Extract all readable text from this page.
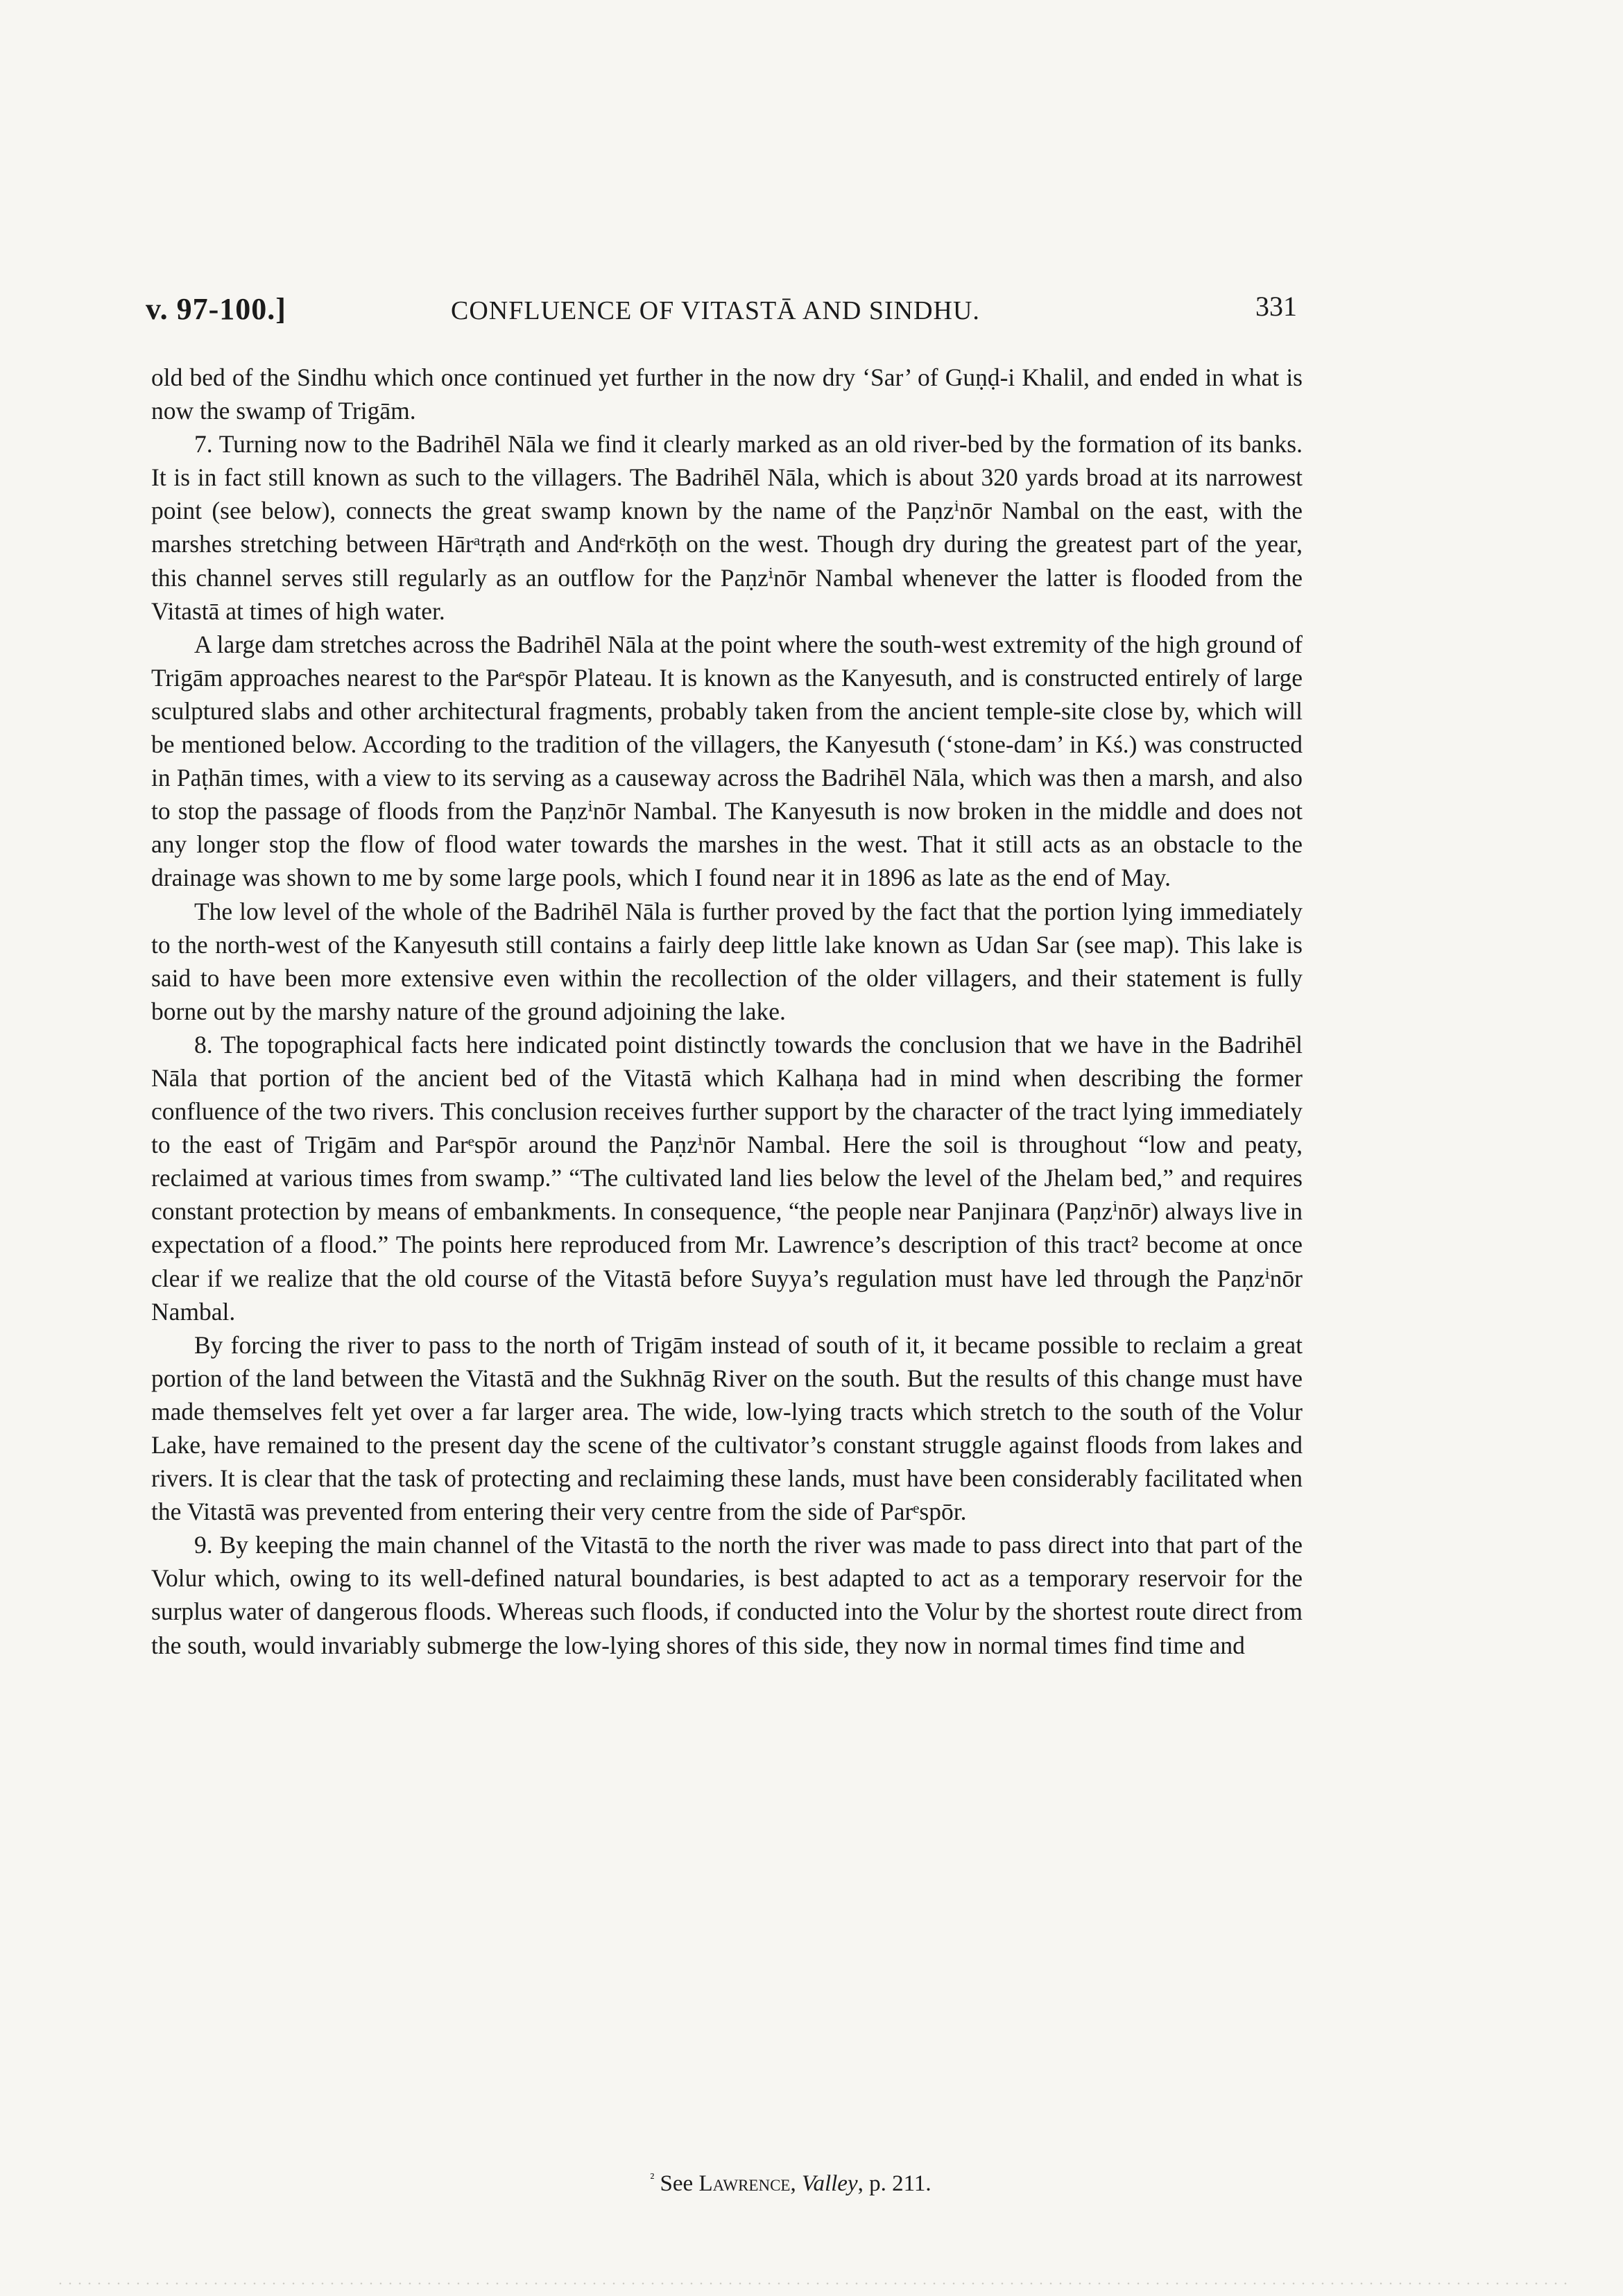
v. 97-100.]	CONFLUENCE OF VITASTĀ AND SINDHU.	331

old bed of the Sindhu which once continued yet further in the now dry ‘Sar’ of Guṇḍ-i Khalil, and ended in what is now the swamp of Trigām.

7. Turning now to the Badrihēl Nāla we find it clearly marked as an old river-bed by the formation of its banks. It is in fact still known as such to the villagers. The Badrihēl Nāla, which is about 320 yards broad at its narrowest point (see below), connects the great swamp known by the name of the Paṇzⁱnōr Nambal on the east, with the marshes stretching between Hārᵃtrạth and Andᵉrkōṭh on the west. Though dry during the greatest part of the year, this channel serves still regularly as an outflow for the Paṇzⁱnōr Nambal whenever the latter is flooded from the Vitastā at times of high water.

A large dam stretches across the Badrihēl Nāla at the point where the south-west extremity of the high ground of Trigām approaches nearest to the Parᵉspōr Plateau. It is known as the Kanyesuth, and is constructed entirely of large sculptured slabs and other architectural fragments, probably taken from the ancient temple-site close by, which will be mentioned below. According to the tradition of the villagers, the Kanyesuth (‘stone-dam’ in Kś.) was constructed in Paṭhān times, with a view to its serving as a causeway across the Badrihēl Nāla, which was then a marsh, and also to stop the passage of floods from the Paṇzⁱnōr Nambal. The Kanyesuth is now broken in the middle and does not any longer stop the flow of flood water towards the marshes in the west. That it still acts as an obstacle to the drainage was shown to me by some large pools, which I found near it in 1896 as late as the end of May.

The low level of the whole of the Badrihēl Nāla is further proved by the fact that the portion lying immediately to the north-west of the Kanyesuth still contains a fairly deep little lake known as Udan Sar (see map). This lake is said to have been more extensive even within the recollection of the older villagers, and their statement is fully borne out by the marshy nature of the ground adjoining the lake.

8. The topographical facts here indicated point distinctly towards the conclusion that we have in the Badrihēl Nāla that portion of the ancient bed of the Vitastā which Kalhaṇa had in mind when describing the former confluence of the two rivers. This conclusion receives further support by the character of the tract lying immediately to the east of Trigām and Parᵉspōr around the Paṇzⁱnōr Nambal. Here the soil is throughout “low and peaty, reclaimed at various times from swamp.” “The cultivated land lies below the level of the Jhelam bed,” and requires constant protection by means of embankments. In consequence, “the people near Panjinara (Paṇzⁱnōr) always live in expectation of a flood.” The points here reproduced from Mr. Lawrence’s description of this tract² become at once clear if we realize that the old course of the Vitastā before Suyya’s regulation must have led through the Paṇzⁱnōr Nambal.

By forcing the river to pass to the north of Trigām instead of south of it, it became possible to reclaim a great portion of the land between the Vitastā and the Sukhnāg River on the south. But the results of this change must have made themselves felt yet over a far larger area. The wide, low-lying tracts which stretch to the south of the Volur Lake, have remained to the present day the scene of the cultivator’s constant struggle against floods from lakes and rivers. It is clear that the task of protecting and reclaiming these lands, must have been considerably facilitated when the Vitastā was prevented from entering their very centre from the side of Parᵉspōr.

9. By keeping the main channel of the Vitastā to the north the river was made to pass direct into that part of the Volur which, owing to its well-defined natural boundaries, is best adapted to act as a temporary reservoir for the surplus water of dangerous floods. Whereas such floods, if conducted into the Volur by the shortest route direct from the south, would invariably submerge the low-lying shores of this side, they now in normal times find time and

$^{^2}$ See Lawrence, Valley, p. 211.
